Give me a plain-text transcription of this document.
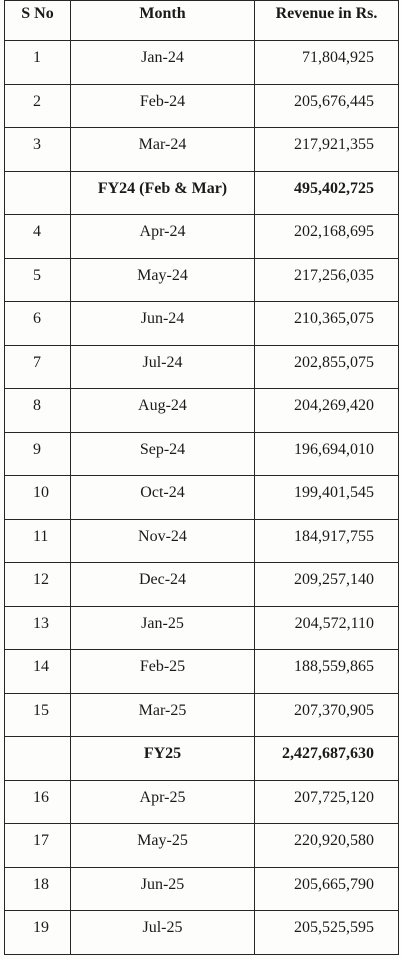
S No	Month	Revenue in Rs.
1	Jan-24	71,804,925
2	Feb-24	205,676,445
3	Mar-24	217,921,355
	FY24 (Feb & Mar)	495,402,725
4	Apr-24	202,168,695
5	May-24	217,256,035
6	Jun-24	210,365,075
7	Jul-24	202,855,075
8	Aug-24	204,269,420
9	Sep-24	196,694,010
10	Oct-24	199,401,545
11	Nov-24	184,917,755
12	Dec-24	209,257,140
13	Jan-25	204,572,110
14	Feb-25	188,559,865
15	Mar-25	207,370,905
	FY25	2,427,687,630
16	Apr-25	207,725,120
17	May-25	220,920,580
18	Jun-25	205,665,790
19	Jul-25	205,525,595
